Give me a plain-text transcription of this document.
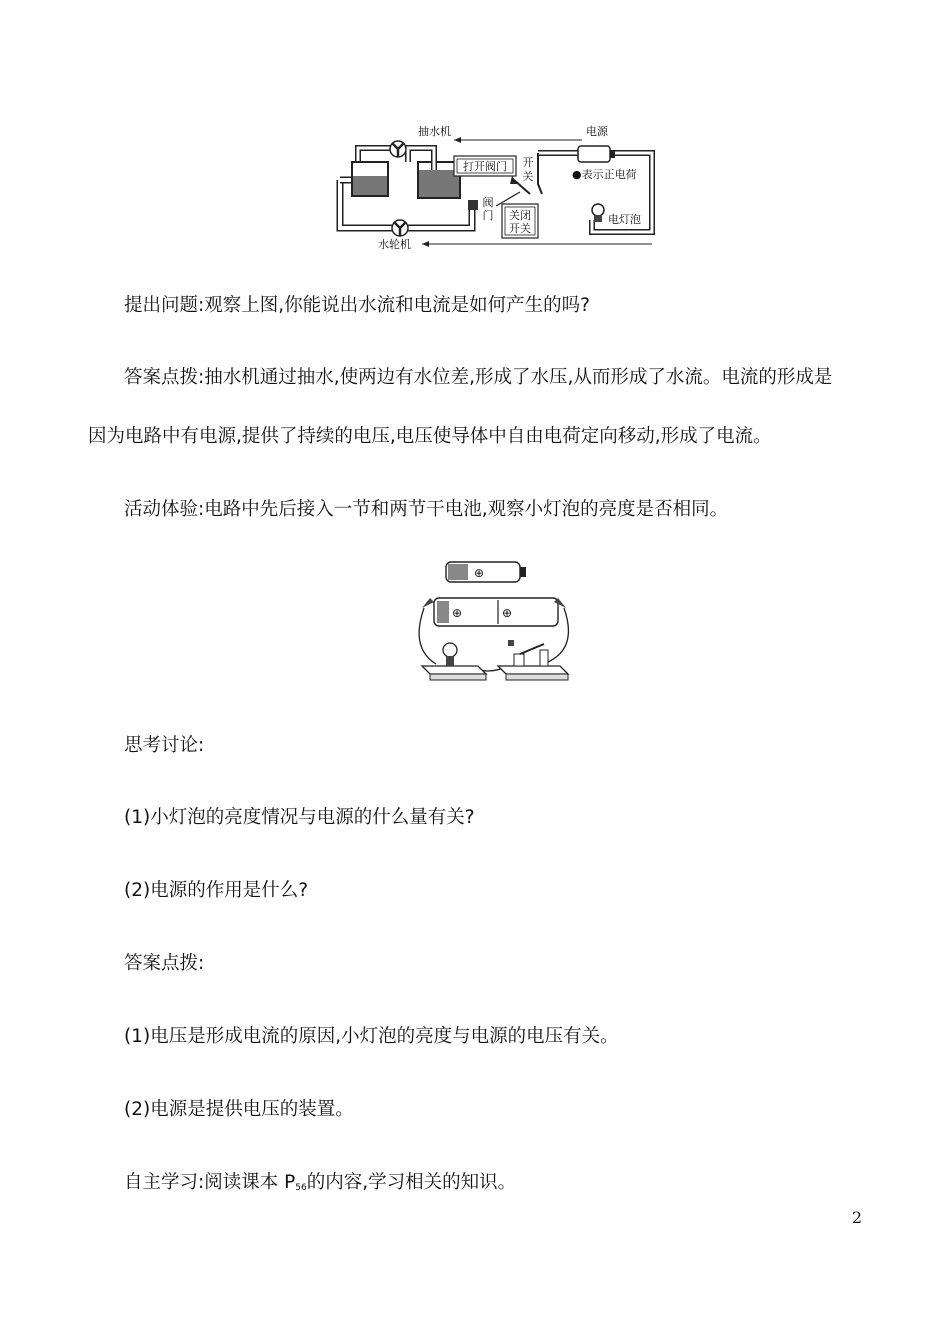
打开阀门 开
关
阀
门 关闭
开关
电灯泡
●表示正电荷
抽水机	电源
水轮机

提出问题:观察上图,你能说出水流和电流是如何产生的吗?

答案点拨:抽水机通过抽水,使两边有水位差,形成了水压,从而形成了水流。电流的形成是

因为电路中有电源,提供了持续的电压,电压使导体中自由电荷定向移动,形成了电流。

活动体验:电路中先后接入一节和两节干电池,观察小灯泡的亮度是否相同。

⊕
⊕	⊕

思考讨论:

(1)小灯泡的亮度情况与电源的什么量有关?

(2)电源的作用是什么?

答案点拨:

(1)电压是形成电流的原因,小灯泡的亮度与电源的电压有关。

(2)电源是提供电压的装置。

自主学习:阅读课本 $P_{56}$的内容,学习相关的知识。

2
